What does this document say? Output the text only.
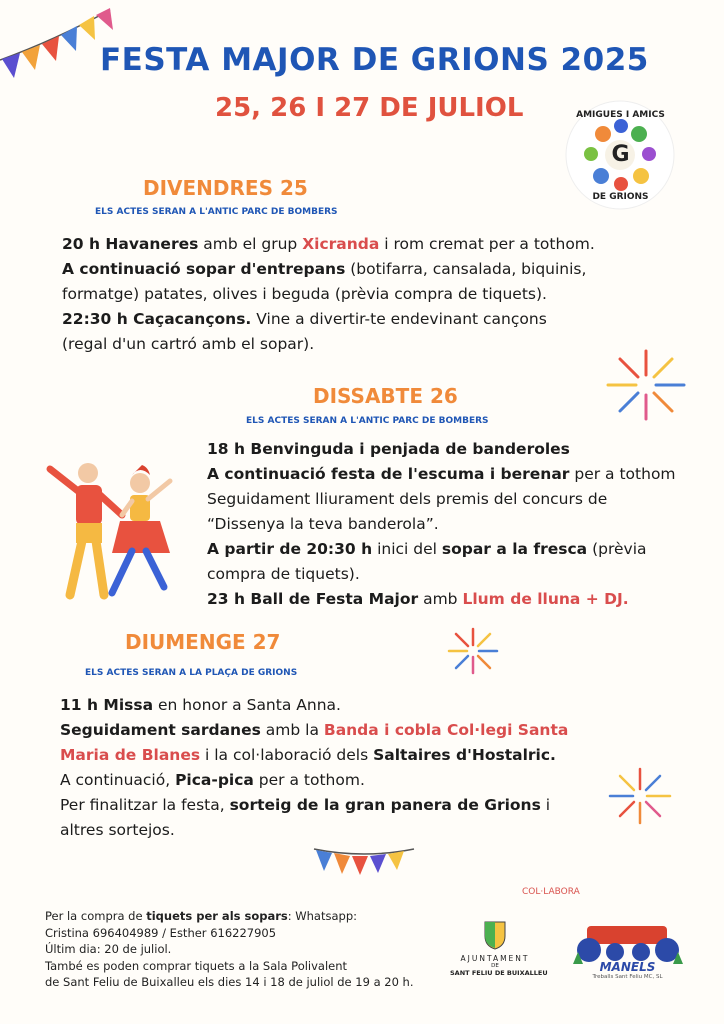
FESTA MAJOR DE GRIONS 2025
25, 26 I 27 DE JULIOL	AMIGUES I AMICS
G
DE GRIONS
DIVENDRES 25
ELS ACTES SERAN A L'ANTIC PARC DE BOMBERS
20 h Havaneres amb el grup Xicranda i rom cremat per a tothom.
A continuació sopar d'entrepans (botifarra, cansalada, biquinis,
formatge) patates, olives i beguda (prèvia compra de tiquets).
22:30 h Caçacançons. Vine a divertir-te endevinant cançons
(regal d'un cartró amb el sopar).
DISSABTE 26
ELS ACTES SERAN A L'ANTIC PARC DE BOMBERS
18 h Benvinguda i penjada de banderoles
A continuació festa de l'escuma i berenar per a tothom
Seguidament lliurament dels premis del concurs de
“Dissenya la teva banderola”.
A partir de 20:30 h inici del sopar a la fresca (prèvia
compra de tiquets).
23 h Ball de Festa Major amb Llum de lluna + DJ.
DIUMENGE 27
ELS ACTES SERAN A LA PLAÇA DE GRIONS
11 h Missa en honor a Santa Anna.
Seguidament sardanes amb la Banda i cobla Col·legi Santa
Maria de Blanes i la col·laboració dels Saltaires d'Hostalric.
A continuació, Pica-pica per a tothom.
Per finalitzar la festa, sorteig de la gran panera de Grions i
altres sortejos.
Per la compra de tiquets per als sopars: Whatsapp:
Cristina 696404989 / Esther 616227905
Últim dia: 20 de juliol.
També es poden comprar tiquets a la Sala Polivalent
de Sant Feliu de Buixalleu els dies 14 i 18 de juliol de 19 a 20 h.
COL·LABORA
AJUNTAMENT
DE
SANT FELIU DE BUIXALLEU	MANELS
Treballs Sant Feliu MC, SL
